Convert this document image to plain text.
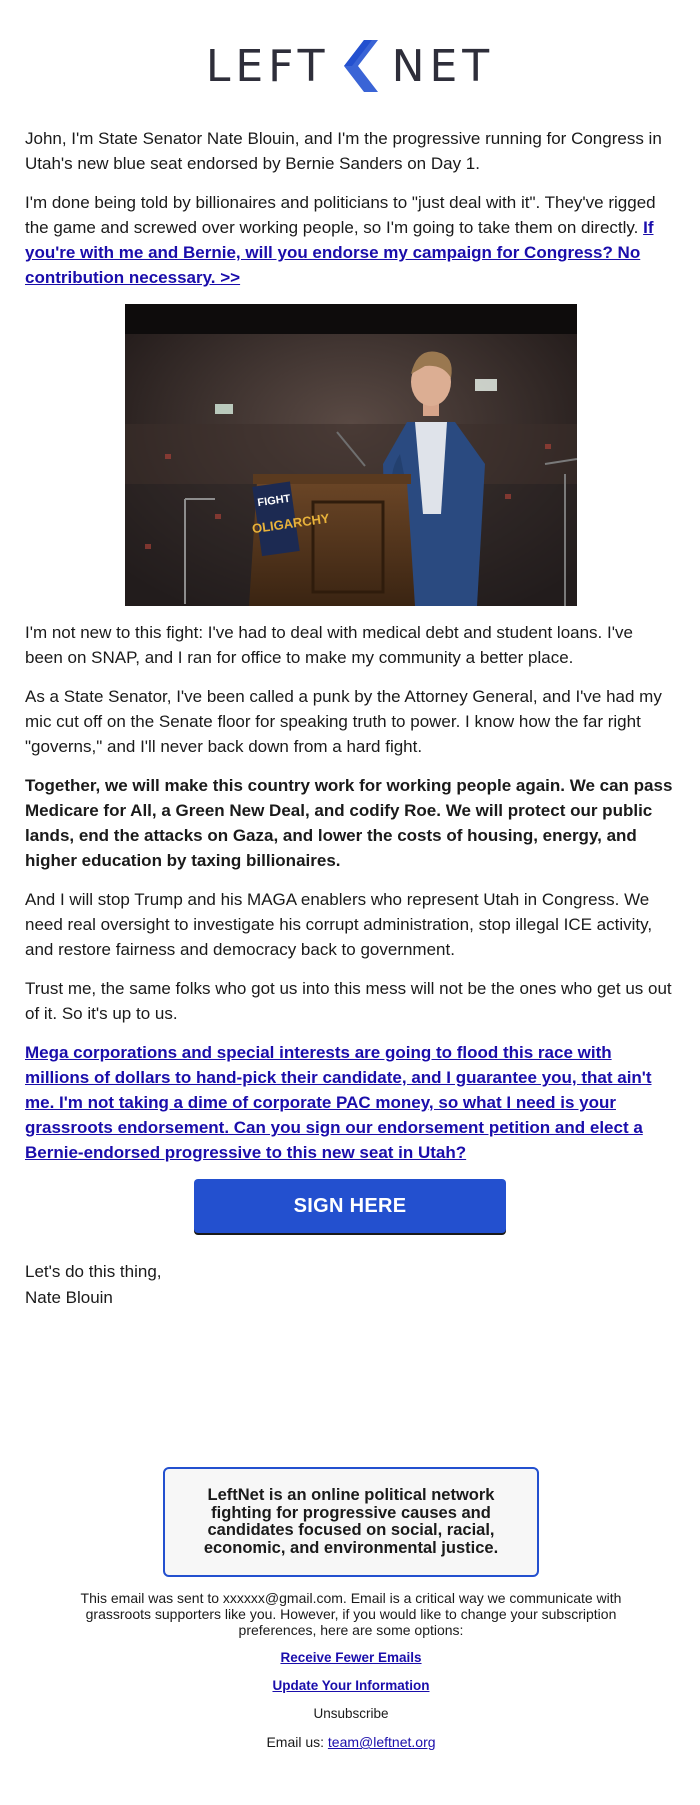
LEFT NET

John, I'm State Senator Nate Blouin, and I'm the progressive running for Congress in Utah's new blue seat endorsed by Bernie Sanders on Day 1.

I'm done being told by billionaires and politicians to "just deal with it". They've rigged the game and screwed over working people, so I'm going to take them on directly. If you're with me and Bernie, will you endorse my campaign for Congress? No contribution necessary. >>

FIGHT
OLIGARCHY

I'm not new to this fight: I've had to deal with medical debt and student loans. I've been on SNAP, and I ran for office to make my community a better place.

As a State Senator, I've been called a punk by the Attorney General, and I've had my mic cut off on the Senate floor for speaking truth to power. I know how the far right "governs," and I'll never back down from a hard fight.

Together, we will make this country work for working people again. We can pass Medicare for All, a Green New Deal, and codify Roe. We will protect our public lands, end the attacks on Gaza, and lower the costs of housing, energy, and higher education by taxing billionaires.

And I will stop Trump and his MAGA enablers who represent Utah in Congress. We need real oversight to investigate his corrupt administration, stop illegal ICE activity, and restore fairness and democracy back to government.

Trust me, the same folks who got us into this mess will not be the ones who get us out of it. So it's up to us.

Mega corporations and special interests are going to flood this race with millions of dollars to hand-pick their candidate, and I guarantee you, that ain't me. I'm not taking a dime of corporate PAC money, so what I need is your grassroots endorsement. Can you sign our endorsement petition and elect a Bernie-endorsed progressive to this new seat in Utah?

SIGN HERE
Let's do this thing,
Nate Blouin
LeftNet is an online political network fighting for progressive causes and candidates focused on social, racial, economic, and environmental justice.
This email was sent to xxxxxx@gmail.com. Email is a critical way we communicate with grassroots supporters like you. However, if you would like to change your subscription preferences, here are some options:
Receive Fewer Emails
Update Your Information
Unsubscribe
Email us: team@leftnet.org
